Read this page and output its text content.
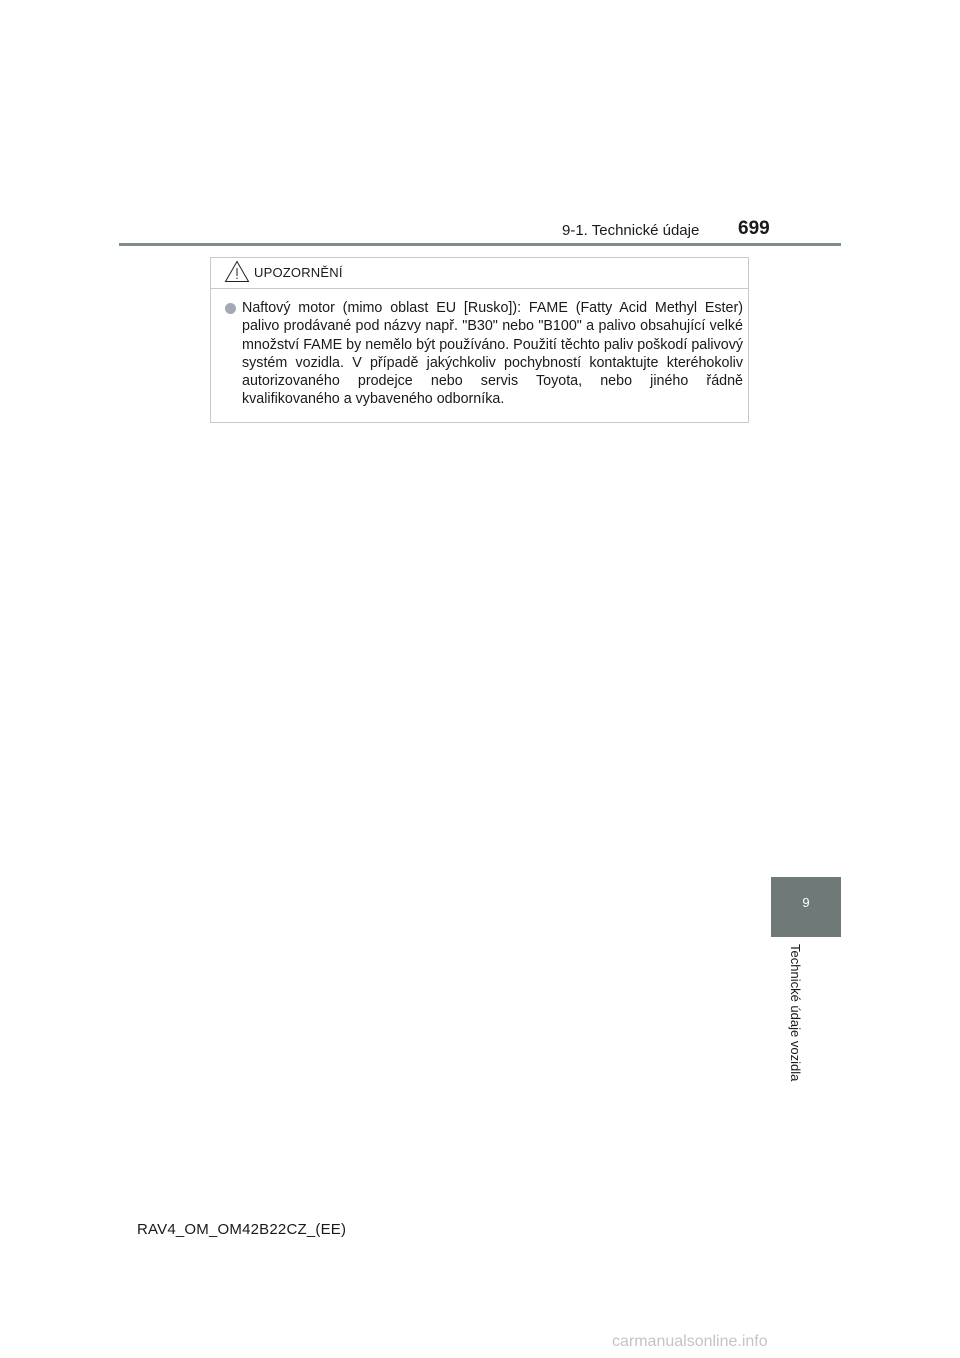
9-1. Technické údaje 699
UPOZORNĚNÍ

Naftový motor (mimo oblast EU [Rusko]): FAME (Fatty Acid Methyl Ester) palivo prodávané pod názvy např. "B30" nebo "B100" a palivo obsahující velké množství FAME by nemělo být používáno. Použití těchto paliv poškodí palivový systém vozidla. V případě jakýchkoliv pochybností kontaktujte kteréhokoliv autorizovaného prodejce nebo servis Toyota, nebo jiného řádně kvalifikovaného a vybaveného odborníka.

9
Technické údaje vozidla
RAV4_OM_OM42B22CZ_(EE)
carmanualsonline.info
